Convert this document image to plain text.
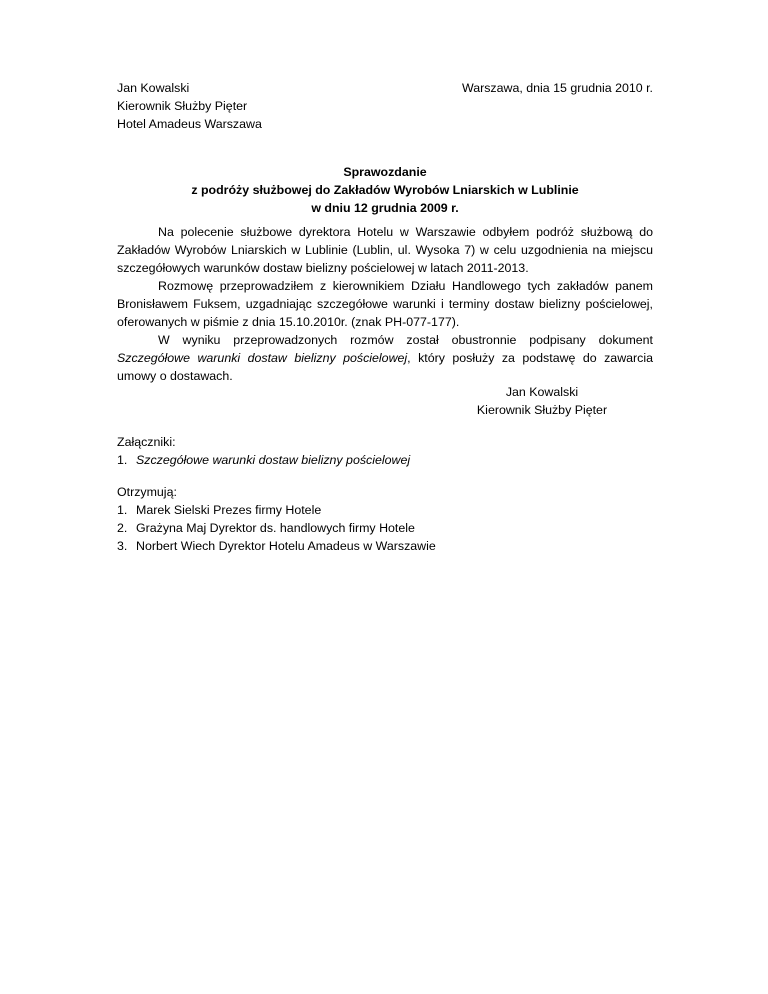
Jan Kowalski
Kierownik Służby Pięter
Hotel Amadeus Warszawa
Warszawa, dnia 15 grudnia 2010 r.
Sprawozdanie
z podróży służbowej do Zakładów Wyrobów Lniarskich w Lublinie
w dniu 12 grudnia 2009 r.

Na polecenie służbowe dyrektora Hotelu w Warszawie odbyłem podróż służbową do Zakładów Wyrobów Lniarskich w Lublinie (Lublin, ul. Wysoka 7) w celu uzgodnienia na miejscu szczegółowych warunków dostaw bielizny pościelowej w latach 2011-2013.

Rozmowę przeprowadziłem z kierownikiem Działu Handlowego tych zakładów panem Bronisławem Fuksem, uzgadniając szczegółowe warunki i terminy dostaw bielizny pościelowej, oferowanych w piśmie z dnia 15.10.2010r. (znak PH-077-177).

W wyniku przeprowadzonych rozmów został obustronnie podpisany dokument Szczegółowe warunki dostaw bielizny pościelowej, który posłuży za podstawę do zawarcia umowy o dostawach.

Jan Kowalski
Kierownik Służby Pięter
Załączniki:
1. Szczegółowe warunki dostaw bielizny pościelowej
Otrzymują:
1. Marek Sielski Prezes firmy Hotele
2. Grażyna Maj Dyrektor ds. handlowych firmy Hotele
3. Norbert Wiech Dyrektor Hotelu Amadeus w Warszawie
